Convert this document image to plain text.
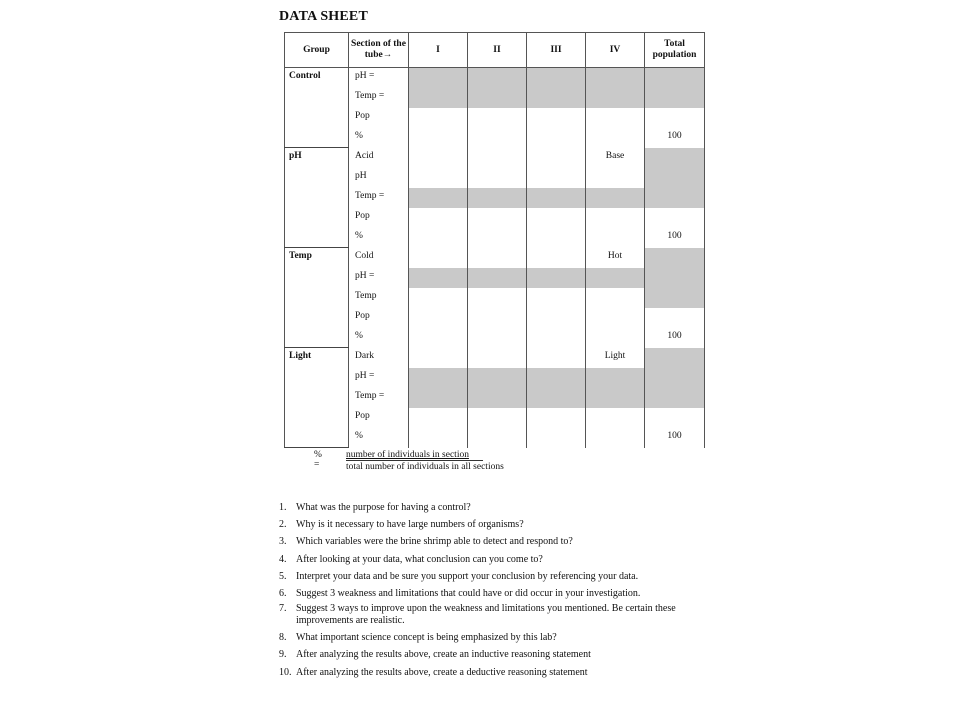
DATA SHEET
Group	Section of the tube→	I	II	III	IV	Total population
Control	pH =					

	Temp =					

	Pop					

	%					100

pH	Acid				Base	

	pH					

	Temp =					

	Pop					

	%					100

Temp	Cold				Hot	

	pH =					

	Temp					

	Pop					

	%					100

Light	Dark				Light	

	pH =					

	Temp =					

	Pop					

	%					100
% =
number of individuals in section
total number of individuals in all sections
1. What was the purpose for having a control?
2. Why is it necessary to have large numbers of organisms?
3. Which variables were the brine shrimp able to detect and respond to?
4. After looking at your data, what conclusion can you come to?
5. Interpret your data and be sure you support your conclusion by referencing your data.
6. Suggest 3 weakness and limitations that could have or did occur in your investigation.
7. Suggest 3 ways to improve upon the weakness and limitations you mentioned. Be certain these improvements are realistic.
8. What important science concept is being emphasized by this lab?
9. After analyzing the results above, create an inductive reasoning statement
10. After analyzing the results above, create a deductive reasoning statement
